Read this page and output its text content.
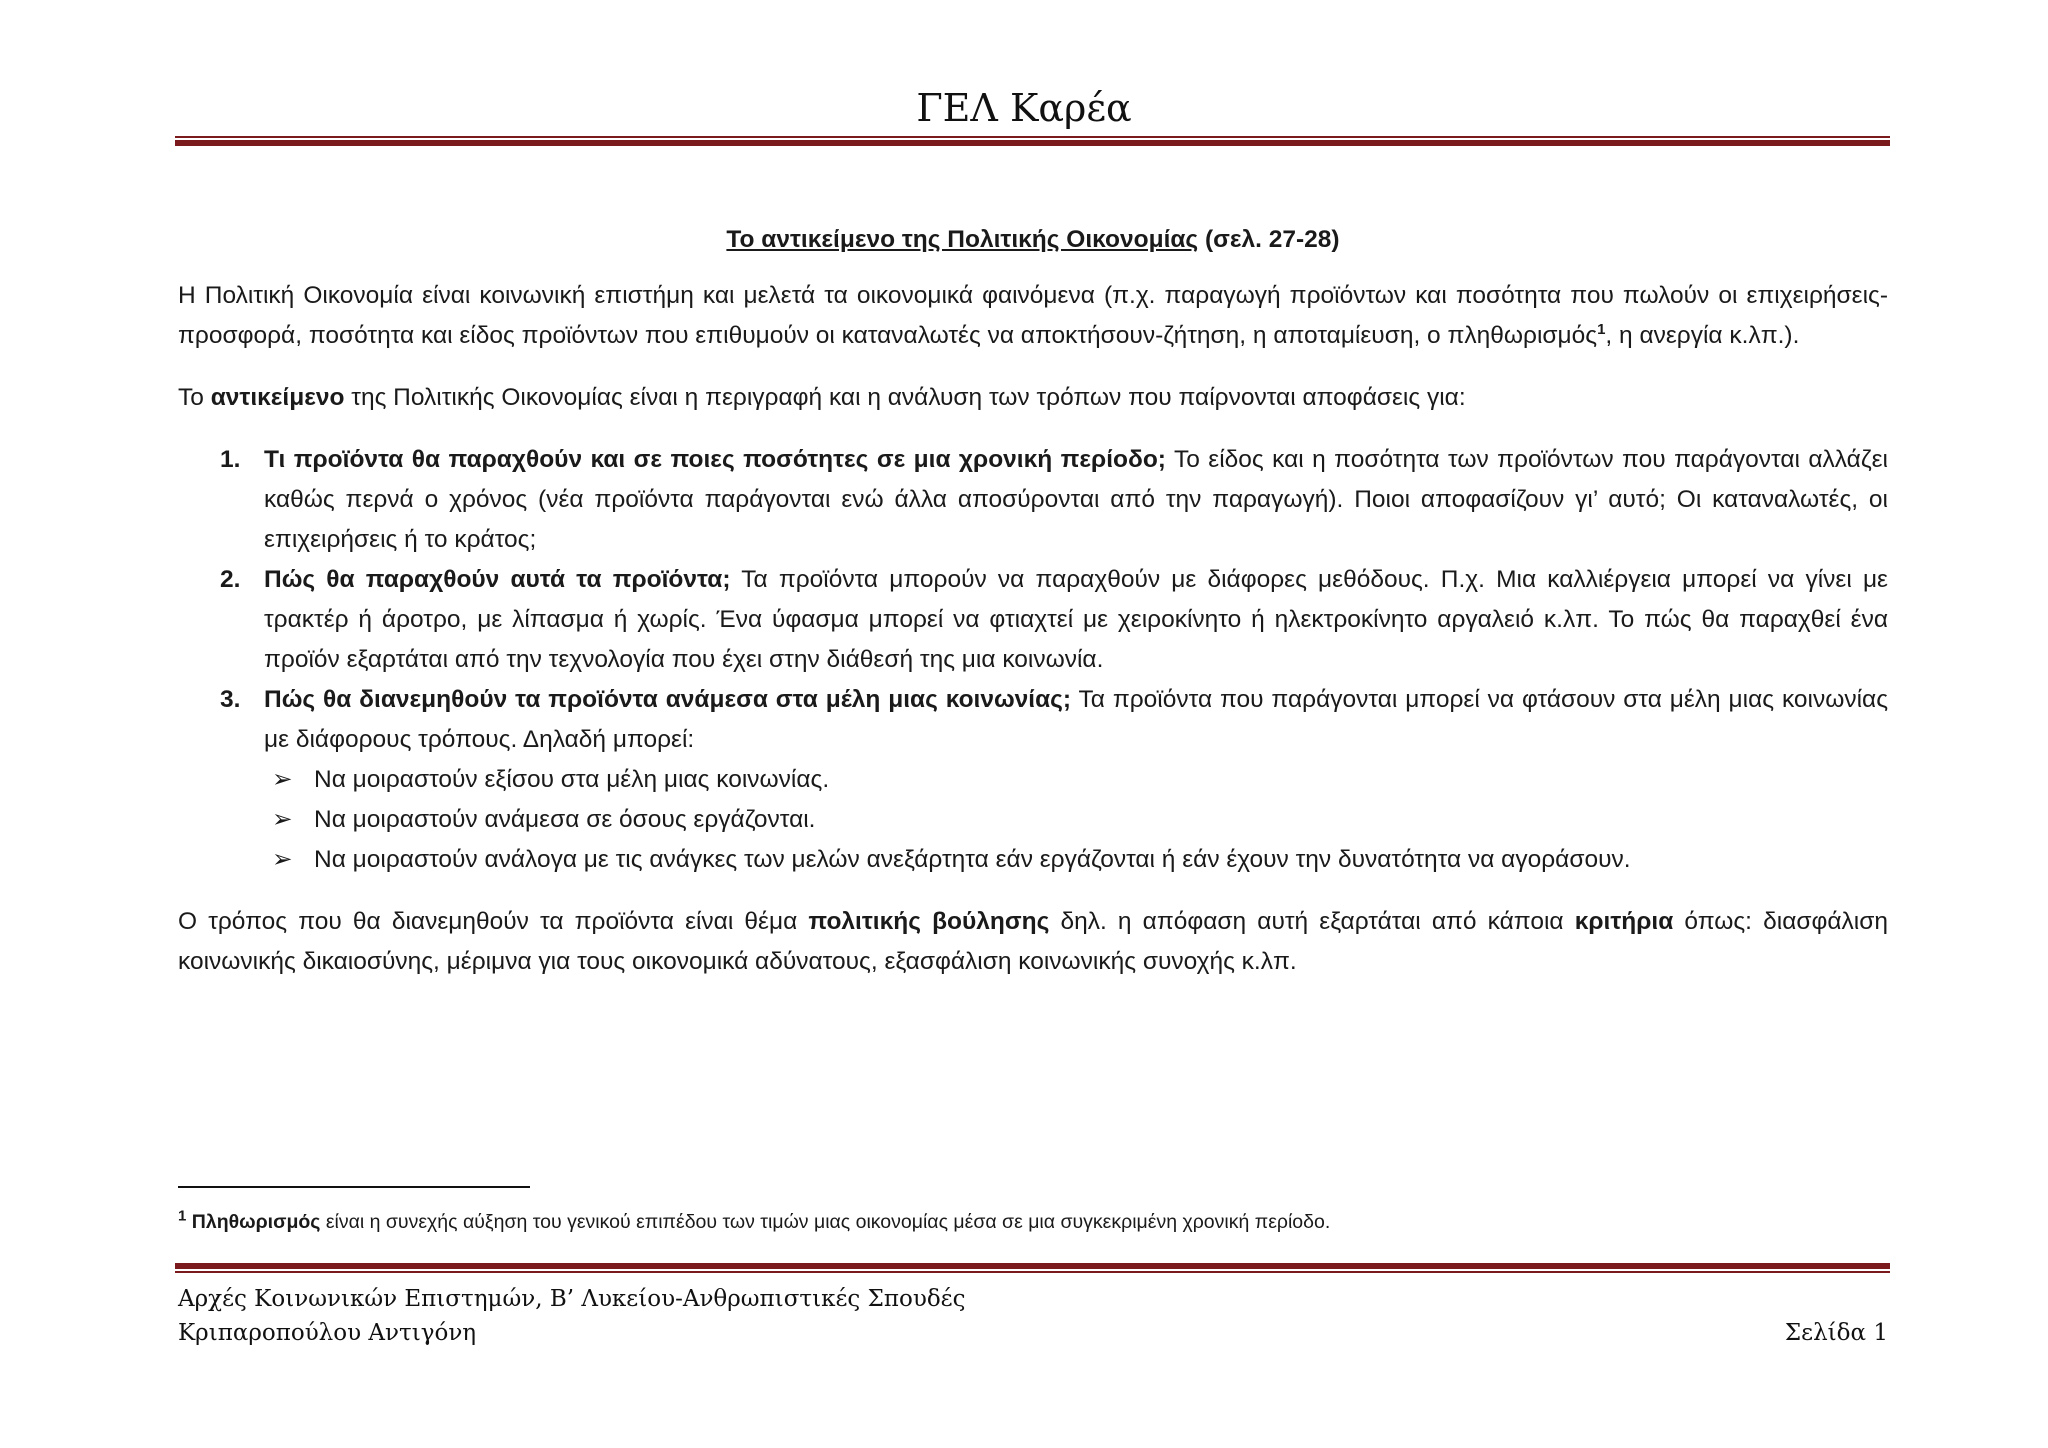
ΓΕΛ Καρέα
Το αντικείμενο της Πολιτικής Οικονομίας (σελ. 27-28)

Η Πολιτική Οικονομία είναι κοινωνική επιστήμη και μελετά τα οικονομικά φαινόμενα (π.χ. παραγωγή προϊόντων και ποσότητα που πωλούν οι επιχειρήσεις-προσφορά, ποσότητα και είδος προϊόντων που επιθυμούν οι καταναλωτές να αποκτήσουν-ζήτηση, η αποταμίευση, ο πληθωρισμός$^1$, η ανεργία κ.λπ.).

Το αντικείμενο της Πολιτικής Οικονομίας είναι η περιγραφή και η ανάλυση των τρόπων που παίρνονται αποφάσεις για:

1. Τι προϊόντα θα παραχθούν και σε ποιες ποσότητες σε μια χρονική περίοδο; Το είδος και η ποσότητα των προϊόντων που παράγονται αλλάζει καθώς περνά ο χρόνος (νέα προϊόντα παράγονται ενώ άλλα αποσύρονται από την παραγωγή). Ποιοι αποφασίζουν γι’ αυτό; Οι καταναλωτές, οι επιχειρήσεις ή το κράτος;
2. Πώς θα παραχθούν αυτά τα προϊόντα; Τα προϊόντα μπορούν να παραχθούν με διάφορες μεθόδους. Π.χ. Μια καλλιέργεια μπορεί να γίνει με τρακτέρ ή άροτρο, με λίπασμα ή χωρίς. Ένα ύφασμα μπορεί να φτιαχτεί με χειροκίνητο ή ηλεκτροκίνητο αργαλειό κ.λπ. Το πώς θα παραχθεί ένα προϊόν εξαρτάται από την τεχνολογία που έχει στην διάθεσή της μια κοινωνία.
3. Πώς θα διανεμηθούν τα προϊόντα ανάμεσα στα μέλη μιας κοινωνίας; Τα προϊόντα που παράγονται μπορεί να φτάσουν στα μέλη μιας κοινωνίας με διάφορους τρόπους. Δηλαδή μπορεί:
➢ Να μοιραστούν εξίσου στα μέλη μιας κοινωνίας.
➢ Να μοιραστούν ανάμεσα σε όσους εργάζονται.
➢ Να μοιραστούν ανάλογα με τις ανάγκες των μελών ανεξάρτητα εάν εργάζονται ή εάν έχουν την δυνατότητα να αγοράσουν.

Ο τρόπος που θα διανεμηθούν τα προϊόντα είναι θέμα πολιτικής βούλησης δηλ. η απόφαση αυτή εξαρτάται από κάποια κριτήρια όπως: διασφάλιση κοινωνικής δικαιοσύνης, μέριμνα για τους οικονομικά αδύνατους, εξασφάλιση κοινωνικής συνοχής κ.λπ.

$^1$ Πληθωρισμός είναι η συνεχής αύξηση του γενικού επιπέδου των τιμών μιας οικονομίας μέσα σε μια συγκεκριμένη χρονική περίοδο.
Αρχές Κοινωνικών Επιστημών, Β’ Λυκείου-Ανθρωπιστικές Σπουδές
Κριπαροπούλου Αντιγόνη	Σελίδα 1
